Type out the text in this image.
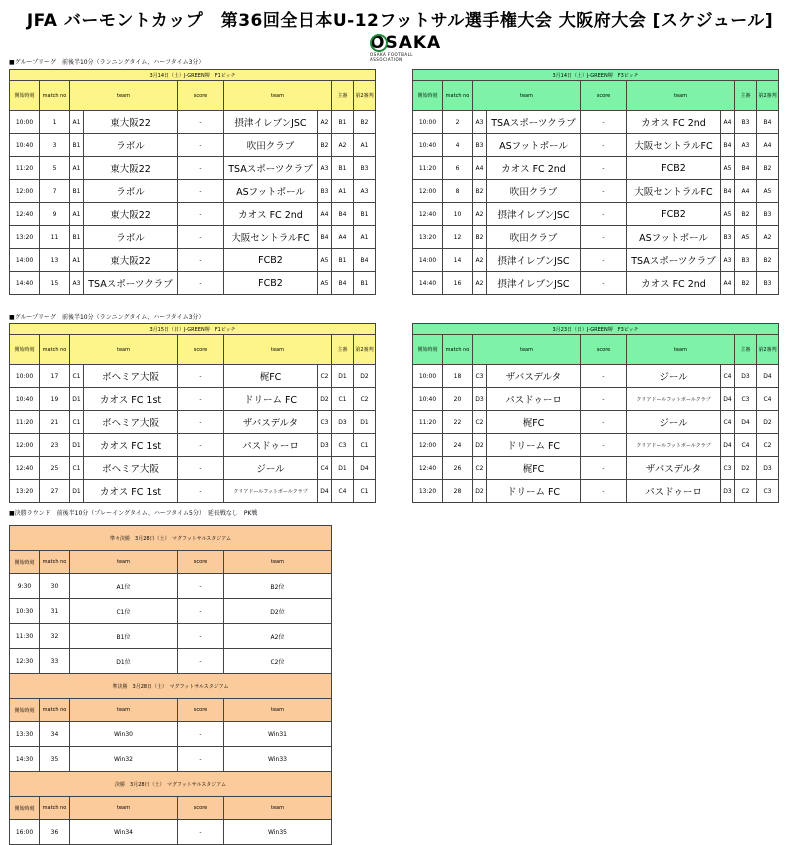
JFA バーモントカップ　第36回全日本U-12フットサル選手権大会 大阪府大会 [スケジュール]
OSAKA
OSAKA FOOTBALL ASSOCIATION
■グループリーグ　前後半10分（ランニングタイム、ハーフタイム3分）
■グループリーグ　前後半10分（ランニングタイム、ハーフタイム3分）
■決勝ラウンド　前後半10分（プレーイングタイム、ハーフタイム5分）　延長戦なし　PK戦
3月14日（土）J-GREEN堺　F1ピッチ								
開始時刻	match no	team		score	team		主審	第2審判
10:00	1	A1	東大阪22	-	摂津イレブンJSC	A2	B1	B2
10:40	3	B1	ラボル	-	吹田クラブ	B2	A2	A1
11:20	5	A1	東大阪22	-	TSAスポーツクラブ	A3	B1	B3
12:00	7	B1	ラボル	-	ASフットボール	B3	A1	A3
12:40	9	A1	東大阪22	-	カオス FC 2nd	A4	B4	B1
13:20	11	B1	ラボル	-	大阪セントラルFC	B4	A4	A1
14:00	13	A1	東大阪22	-	FCB2	A5	B1	B4
14:40	15	A3	TSAスポーツクラブ	-	FCB2	A5	B4	B1
3月14日（土）J-GREEN堺　F3ピッチ								
開始時刻	match no	team		score	team		主審	第2審判
10:00	2	A3	TSAスポーツクラブ	-	カオス FC 2nd	A4	B3	B4
10:40	4	B3	ASフットボール	-	大阪セントラルFC	B4	A3	A4
11:20	6	A4	カオス FC 2nd	-	FCB2	A5	B4	B2
12:00	8	B2	吹田クラブ	-	大阪セントラルFC	B4	A4	A5
12:40	10	A2	摂津イレブンJSC	-	FCB2	A5	B2	B3
13:20	12	B2	吹田クラブ	-	ASフットボール	B3	A5	A2
14:00	14	A2	摂津イレブンJSC	-	TSAスポーツクラブ	A3	B3	B2
14:40	16	A2	摂津イレブンJSC	-	カオス FC 2nd	A4	B2	B3
3月15日（日）J-GREEN堺　F1ピッチ								
開始時刻	match no	team		score	team		主審	第2審判
10:00	17	C1	ボヘミア大阪	-	梶FC	C2	D1	D2
10:40	19	D1	カオス FC 1st	-	ドリーム FC	D2	C1	C2
11:20	21	C1	ボヘミア大阪	-	ザバスデルタ	C3	D3	D1
12:00	23	D1	カオス FC 1st	-	パスドゥーロ	D3	C3	C1
12:40	25	C1	ボヘミア大阪	-	ジール	C4	D1	D4
13:20	27	D1	カオス FC 1st	-	クリアドールフットボールクラブ	D4	C4	C1
3月23日（日）J-GREEN堺　F3ピッチ								
開始時刻	match no	team		score	team		主審	第2審判
10:00	18	C3	ザバスデルタ	-	ジール	C4	D3	D4
10:40	20	D3	パスドゥーロ	-	クリアドールフットボールクラブ	D4	C3	C4
11:20	22	C2	梶FC	-	ジール	C4	D4	D2
12:00	24	D2	ドリーム FC	-	クリアドールフットボールクラブ	D4	C4	C2
12:40	26	C2	梶FC	-	ザバスデルタ	C3	D2	D3
13:20	28	D2	ドリーム FC	-	パスドゥーロ	D3	C2	C3
準々決勝　3月28日（土）　マグフットサルスタジアム				
開始時刻	match no	team	score	team
9:30	30	A1位	-	B2位
10:30	31	C1位	-	D2位
11:30	32	B1位	-	A2位
12:30	33	D1位	-	C2位
準決勝　3月28日（土）　マグフットサルスタジアム				
開始時刻	match no	team	score	team
13:30	34	Win30	-	Win31
14:30	35	Win32	-	Win33
決勝　3月28日（土）　マグフットサルスタジアム				
開始時刻	match no	team	score	team
16:00	36	Win34	-	Win35
